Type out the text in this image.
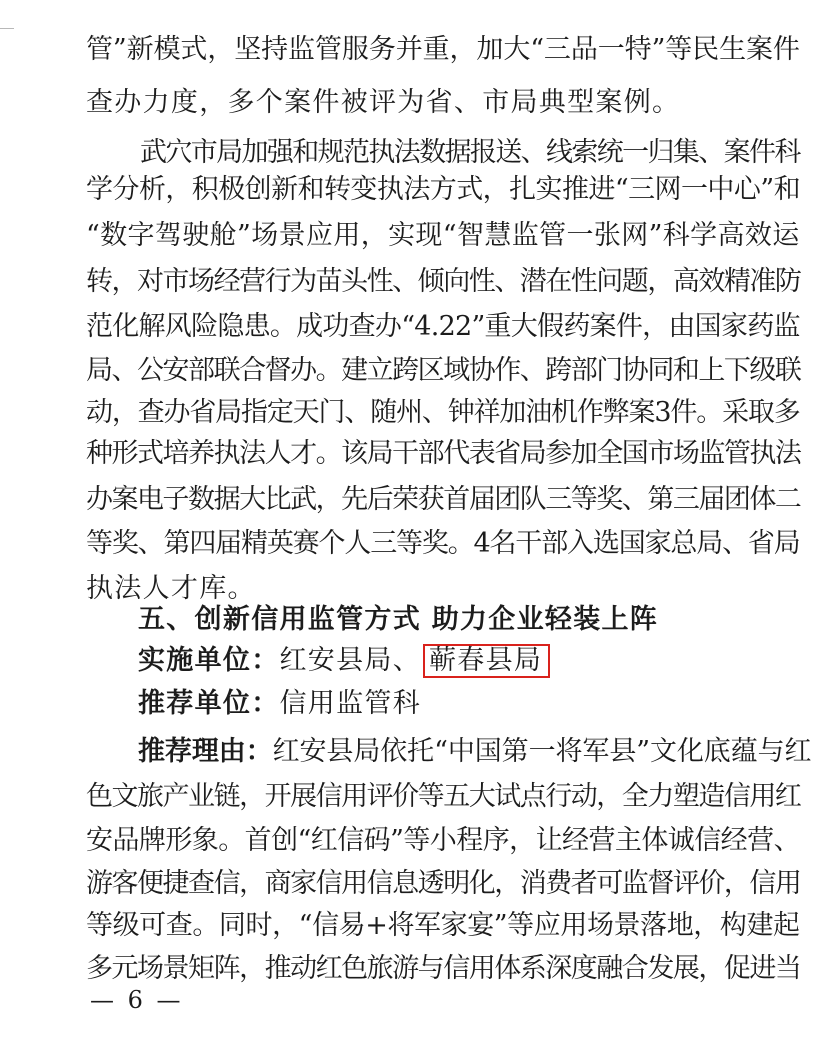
管”新模式，坚持监管服务并重，加大“三品一特”等民生案件
查办力度，多个案件被评为省、市局典型案例。
武穴市局加强和规范执法数据报送、线索统一归集、案件科
学分析，积极创新和转变执法方式，扎实推进“三网一中心”和
“数字驾驶舱”场景应用，实现“智慧监管一张网”科学高效运
转，对市场经营行为苗头性、倾向性、潜在性问题，高效精准防
范化解风险隐患。成功查办“4.22”重大假药案件，由国家药监
局、公安部联合督办。建立跨区域协作、跨部门协同和上下级联
动，查办省局指定天门、随州、钟祥加油机作弊案3件。采取多
种形式培养执法人才。该局干部代表省局参加全国市场监管执法
办案电子数据大比武，先后荣获首届团队三等奖、第三届团体二
等奖、第四届精英赛个人三等奖。4名干部入选国家总局、省局
执法人才库。
五、创新信用监管方式 助力企业轻装上阵
实施单位：红安县局、 蕲春县局
推荐单位：信用监管科
推荐理由：红安县局依托“中国第一将军县”文化底蕴与红
色文旅产业链，开展信用评价等五大试点行动，全力塑造信用红
安品牌形象。首创“红信码”等小程序，让经营主体诚信经营、
游客便捷查信，商家信用信息透明化，消费者可监督评价，信用
等级可查。同时，“信易+将军家宴”等应用场景落地，构建起
多元场景矩阵，推动红色旅游与信用体系深度融合发展，促进当
— 6 —
